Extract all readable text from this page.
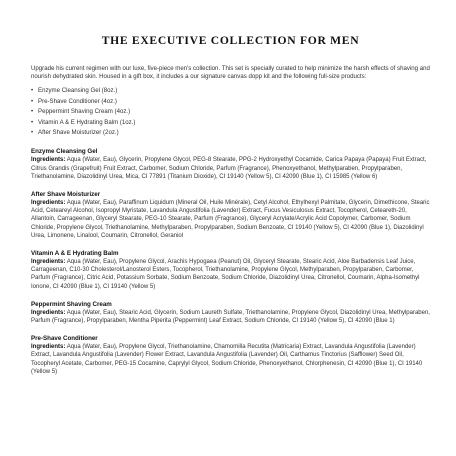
THE EXECUTIVE COLLECTION FOR MEN

Upgrade his current regimen with our luxe, five-piece men's collection. This set is specially curated to help minimize the harsh effects of shaving and nourish dehydrated skin. Housed in a gift box, it includes a our signature canvas dopp kit and the following full-size products:

• Enzyme Cleansing Gel (8oz.)
• Pre-Shave Conditioner (4oz.)
• Peppermint Shaving Cream (4oz.)
• Vitamin A & E Hydrating Balm (1oz.)
• After Shave Moisturizer (2oz.)
Enzyme Cleansing Gel

Ingredients: Aqua (Water, Eau), Glycerin, Propylene Glycol, PEG-8 Stearate, PPG-2 Hydroxyethyl Cocamide, Carica Papaya (Papaya) Fruit Extract, Citrus Grandis (Grapefruit) Fruit Extract, Carbomer, Sodium Chloride, Parfum (Fragrance), Phenoxyethanol, Methylparaben, Propylparaben, Triethanolamine, Diazolidinyl Urea, Mica, CI 77891 (Titanium Dioxide), CI 19140 (Yellow 5), CI 42090 (Blue 1), CI 15985 (Yellow 6)

After Shave Moisturizer

Ingredients: Aqua (Water, Eau), Paraffinum Liquidum (Mineral Oil, Huile Minérale), Cetyl Alcohol, Ethylhexyl Palmitate, Glycerin, Dimethicone, Stearic Acid, Ceteareyl Alcohol, Isopropyl Myristate, Lavandula Angustifolia (Lavender) Extract, Fucus Vesiculosus Extract, Tocopherol, Ceteareth-20, Allantoin, Carrageenan, Glyceryl Stearate, PEG-10 Stearate, Parfum (Fragrance), Glyceryl Acrylate/Acrylic Acid Copolymer, Carbomer, Sodium Chloride, Propylene Glycol, Triethanolamine, Methylparaben, Propylparaben, Sodium Benzoate, CI 19140 (Yellow 5), CI 42090 (Blue 1), Diazolidinyl Urea, Limonene, Linalool, Coumarin, Citronellol, Geraniol

Vitamin A & E Hydrating Balm

Ingredients: Aqua (Water, Eau), Propylene Glycol, Arachis Hypogaea (Peanut) Oil, Glyceryl Stearate, Stearic Acid, Aloe Barbadensis Leaf Juice, Carrageenan, C10-30 Cholesterol/Lanosterol Esters, Tocopherol, Triethanolamine, Propylene Glycol, Methylparaben, Propylparaben, Carbomer, Parfum (Fragrance), Citric Acid, Potassium Sorbate, Sodium Benzoate, Sodium Chloride, Diazolidinyl Urea, Citronellol, Coumarin, Alpha-Isomethyl Ionone, CI 42090 (Blue 1), CI 19140 (Yellow 5)

Peppermint Shaving Cream

Ingredients: Aqua (Water, Eau), Stearic Acid, Glycerin, Sodium Laureth Sulfate, Triethanolamine, Propylene Glycol, Diazolidinyl Urea, Methylparaben, Parfum (Fragrance), Propylparaben, Mentha Piperita (Peppermint) Leaf Extract, Sodium Chloride, CI 19140 (Yellow 5), CI 42090 (Blue 1)

Pre-Shave Conditioner

Ingredients: Aqua (Water, Eau), Propylene Glycol, Triethanolamine, Chamomilla Recutita (Matricaria) Extract, Lavandula Angustifolia (Lavender) Extract, Lavandula Angustifolia (Lavender) Flower Extract, Lavandula Angustifolia (Lavender) Oil, Carthamus Tinctorius (Safflower) Seed Oil, Tocopheryl Acetate, Carbomer, PEG-15 Cocamine, Caprylyl Glycol, Sodium Chloride, Phenoxyethanol, Chlorphenesin, CI 42090 (Blue 1), CI 19140 (Yellow 5)
